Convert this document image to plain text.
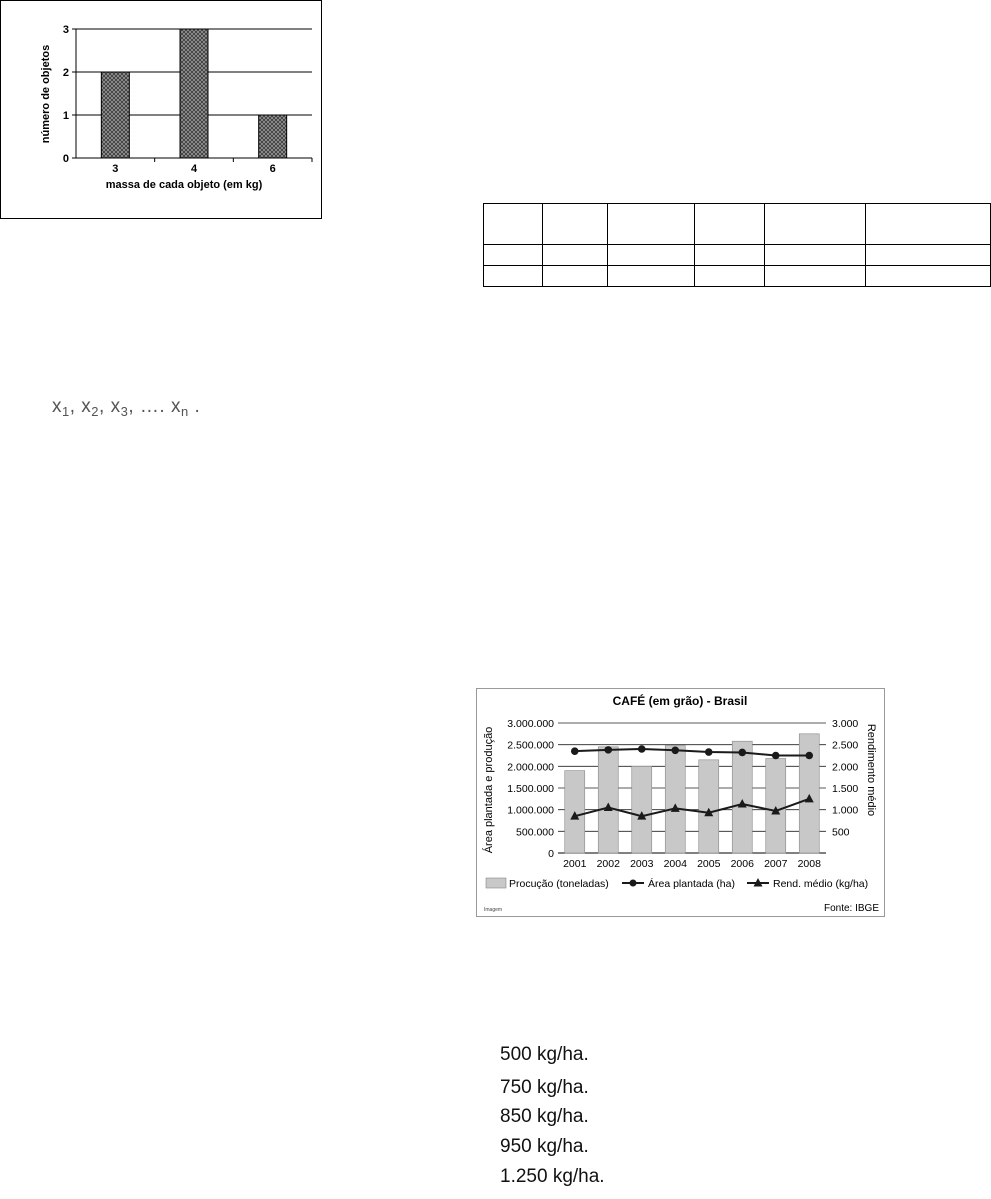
0
1
2
3
3	4	6
massa de cada objeto (em kg)
número de objetos

$x_1$, $x_2$, $x_3$, …. $x_n$ .
CAFÉ (em grão) - Brasil
0
500.000
1.000.000
1.500.000
2.000.000
2.500.000
3.000.000
500
1.000
1.500
2.000
2.500
3.000
2001 2002 2003 2004 2005 2006 2007 2008
Área plantada e produção	Rendimento médio
Procução (toneladas)	Área plantada (ha)	Rend. médio (kg/ha)
Imagem	Fonte: IBGE
500 kg/ha.
750 kg/ha.
850 kg/ha.
950 kg/ha.
1.250 kg/ha.
